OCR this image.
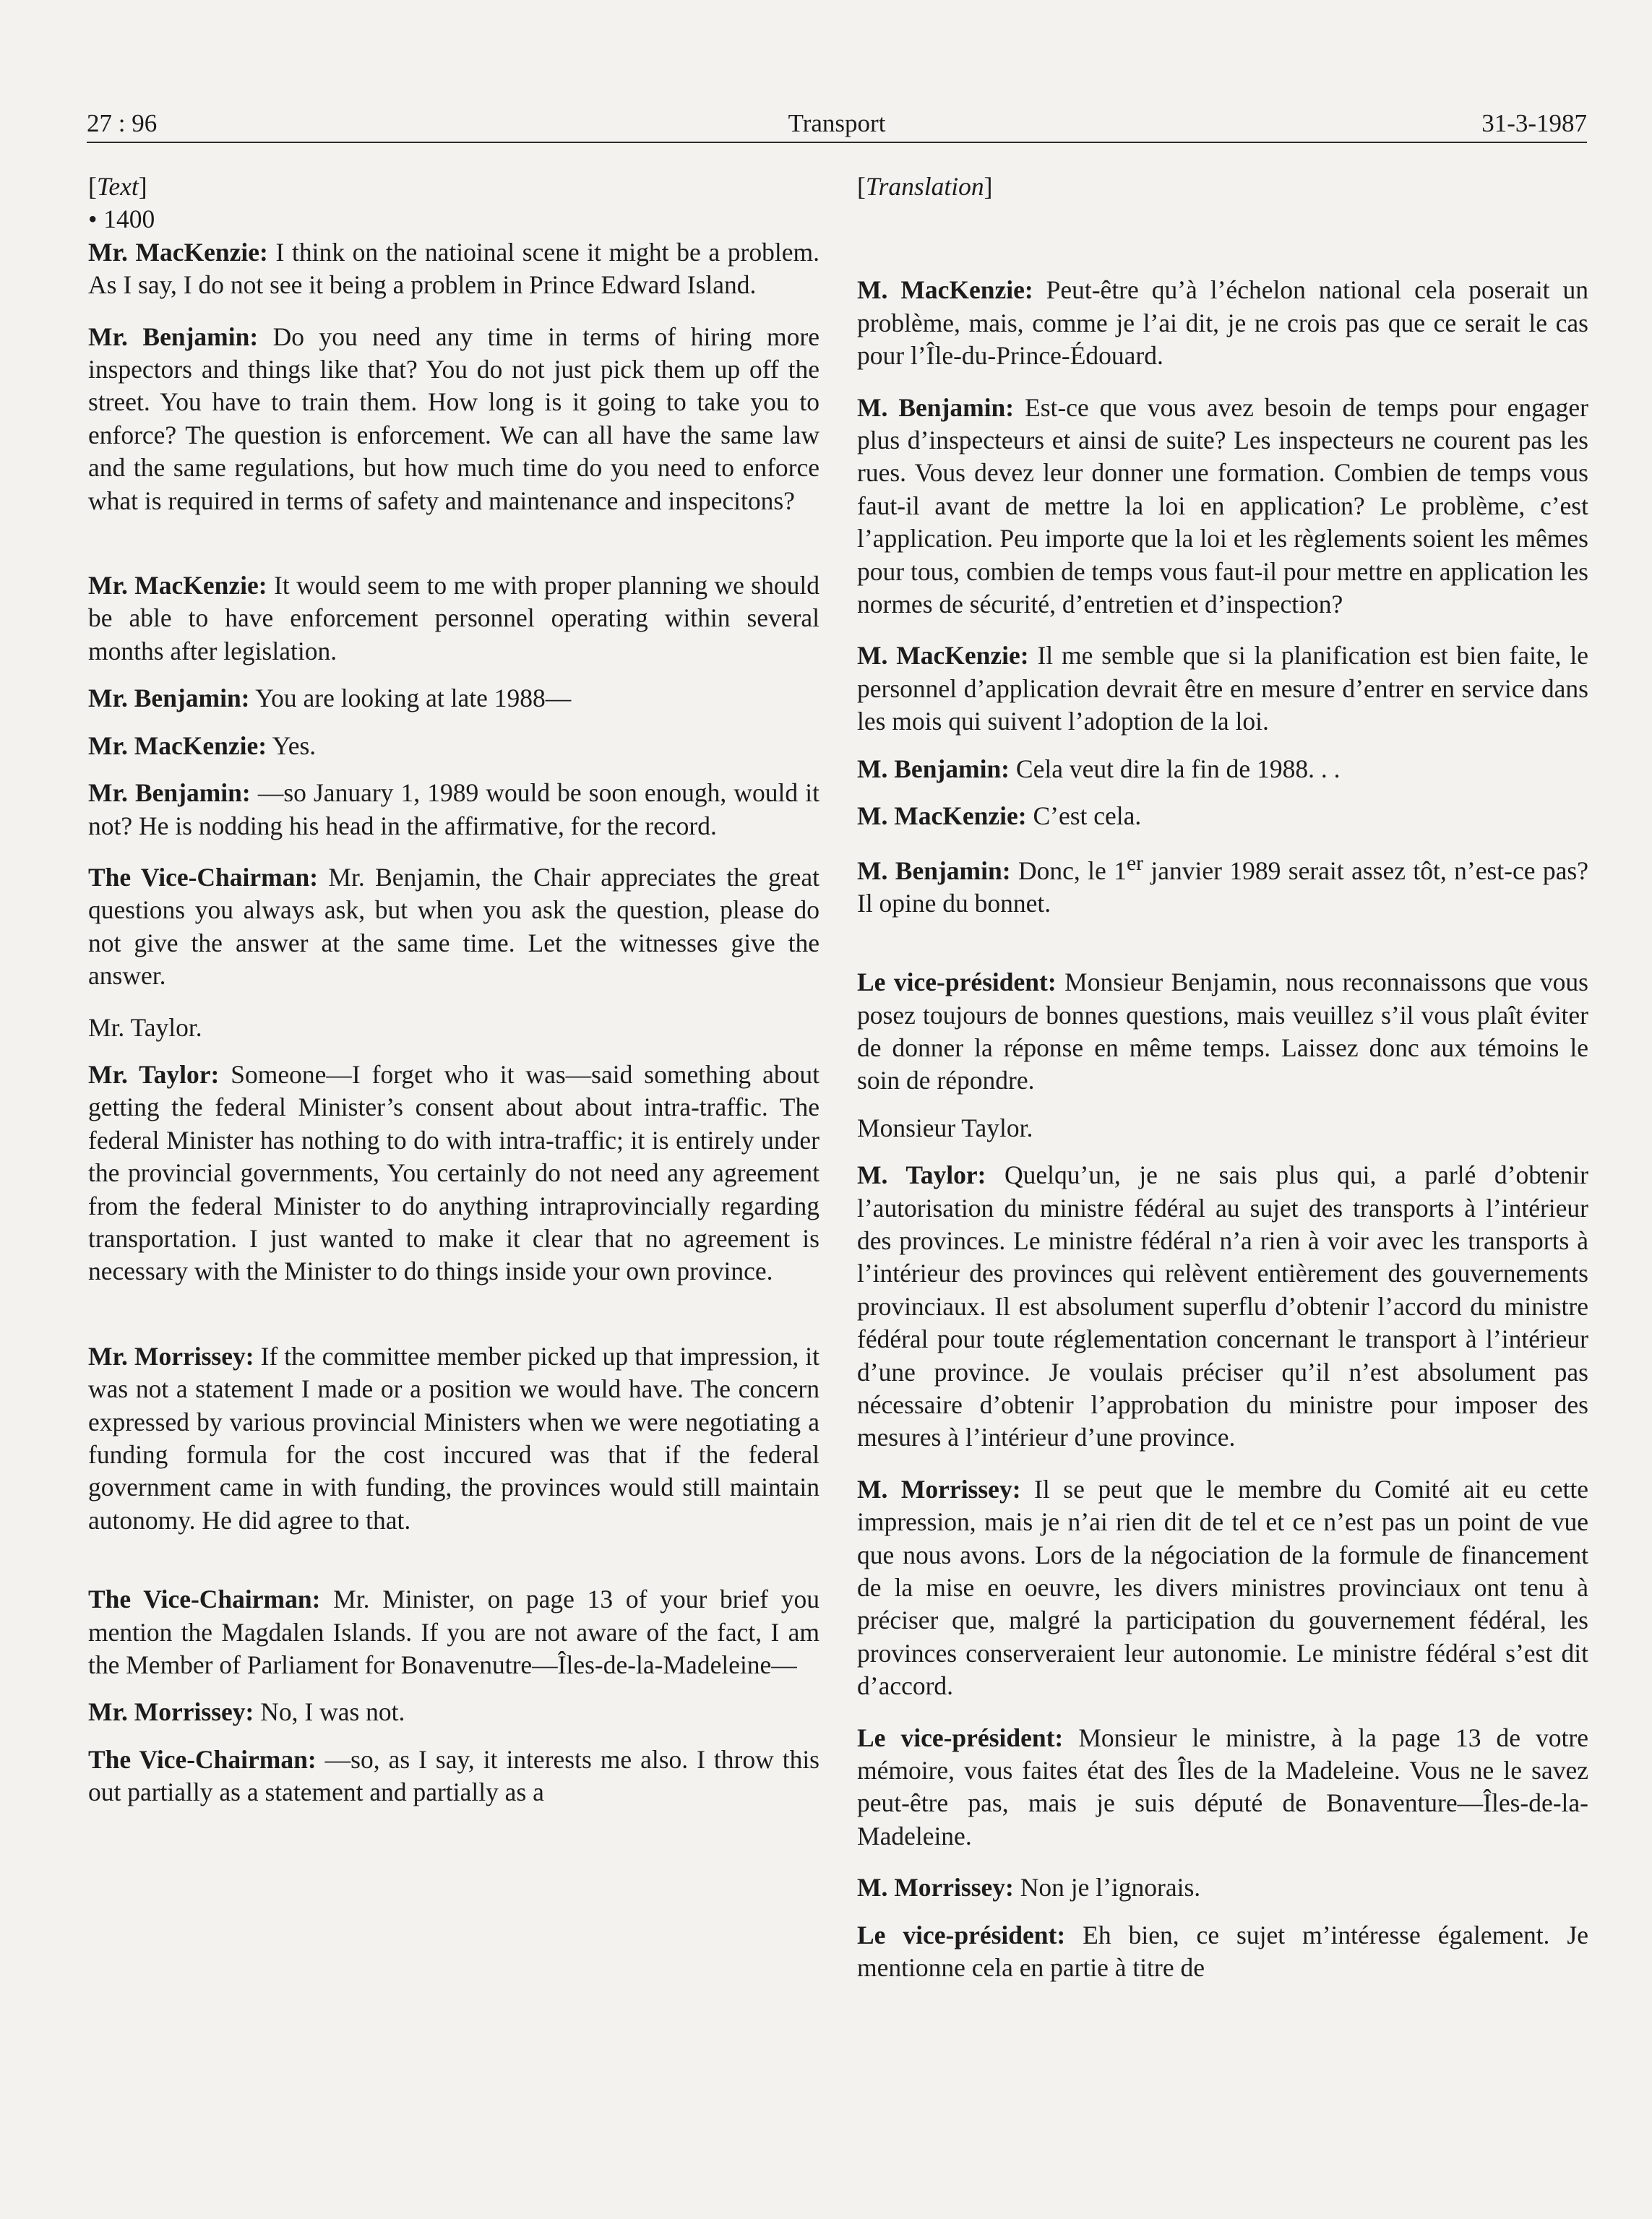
27 : 96	Transport	31-3-1987

[Text]

• 1400

Mr. MacKenzie: I think on the natioinal scene it might be a problem. As I say, I do not see it being a problem in Prince Edward Island.

Mr. Benjamin: Do you need any time in terms of hiring more inspectors and things like that? You do not just pick them up off the street. You have to train them. How long is it going to take you to enforce? The question is enforcement. We can all have the same law and the same regulations, but how much time do you need to enforce what is required in terms of safety and maintenance and inspecitons?

Mr. MacKenzie: It would seem to me with proper planning we should be able to have enforcement personnel operating within several months after legislation.

Mr. Benjamin: You are looking at late 1988—

Mr. MacKenzie: Yes.

Mr. Benjamin: —so January 1, 1989 would be soon enough, would it not? He is nodding his head in the affirmative, for the record.

The Vice-Chairman: Mr. Benjamin, the Chair appreciates the great questions you always ask, but when you ask the question, please do not give the answer at the same time. Let the witnesses give the answer.

Mr. Taylor.

Mr. Taylor: Someone—I forget who it was—said something about getting the federal Minister’s consent about about intra-traffic. The federal Minister has nothing to do with intra-traffic; it is entirely under the provincial governments, You certainly do not need any agreement from the federal Minister to do anything intraprovincially regarding transportation. I just wanted to make it clear that no agreement is necessary with the Minister to do things inside your own province.

Mr. Morrissey: If the committee member picked up that impression, it was not a statement I made or a position we would have. The concern expressed by various provincial Ministers when we were negotiating a funding formula for the cost inccured was that if the federal government came in with funding, the provinces would still maintain autonomy. He did agree to that.

The Vice-Chairman: Mr. Minister, on page 13 of your brief you mention the Magdalen Islands. If you are not aware of the fact, I am the Member of Parliament for Bonavenutre—Îles-de-la-Madeleine—

Mr. Morrissey: No, I was not.

The Vice-Chairman: —so, as I say, it interests me also. I throw this out partially as a statement and partially as a

[Translation]

M. MacKenzie: Peut-être qu’à l’échelon national cela poserait un problème, mais, comme je l’ai dit, je ne crois pas que ce serait le cas pour l’Île-du-Prince-Édouard.

M. Benjamin: Est-ce que vous avez besoin de temps pour engager plus d’inspecteurs et ainsi de suite? Les inspecteurs ne courent pas les rues. Vous devez leur donner une formation. Combien de temps vous faut-il avant de mettre la loi en application? Le problème, c’est l’application. Peu importe que la loi et les règlements soient les mêmes pour tous, combien de temps vous faut-il pour mettre en application les normes de sécurité, d’entretien et d’inspection?

M. MacKenzie: Il me semble que si la planification est bien faite, le personnel d’application devrait être en mesure d’entrer en service dans les mois qui suivent l’adoption de la loi.

M. Benjamin: Cela veut dire la fin de 1988. . .

M. MacKenzie: C’est cela.

M. Benjamin: Donc, le 1er janvier 1989 serait assez tôt, n’est-ce pas? Il opine du bonnet.

Le vice-président: Monsieur Benjamin, nous reconnaissons que vous posez toujours de bonnes questions, mais veuillez s’il vous plaît éviter de donner la réponse en même temps. Laissez donc aux témoins le soin de répondre.

Monsieur Taylor.

M. Taylor: Quelqu’un, je ne sais plus qui, a parlé d’obtenir l’autorisation du ministre fédéral au sujet des transports à l’intérieur des provinces. Le ministre fédéral n’a rien à voir avec les transports à l’intérieur des provinces qui relèvent entièrement des gouvernements provinciaux. Il est absolument superflu d’obtenir l’accord du ministre fédéral pour toute réglementation concernant le transport à l’intérieur d’une province. Je voulais préciser qu’il n’est absolument pas nécessaire d’obtenir l’approbation du ministre pour imposer des mesures à l’intérieur d’une province.

M. Morrissey: Il se peut que le membre du Comité ait eu cette impression, mais je n’ai rien dit de tel et ce n’est pas un point de vue que nous avons. Lors de la négociation de la formule de financement de la mise en oeuvre, les divers ministres provinciaux ont tenu à préciser que, malgré la participation du gouvernement fédéral, les provinces conserveraient leur autonomie. Le ministre fédéral s’est dit d’accord.

Le vice-président: Monsieur le ministre, à la page 13 de votre mémoire, vous faites état des Îles de la Madeleine. Vous ne le savez peut-être pas, mais je suis député de Bonaventure—Îles-de-la-Madeleine.

M. Morrissey: Non je l’ignorais.

Le vice-président: Eh bien, ce sujet m’intéresse également. Je mentionne cela en partie à titre de
